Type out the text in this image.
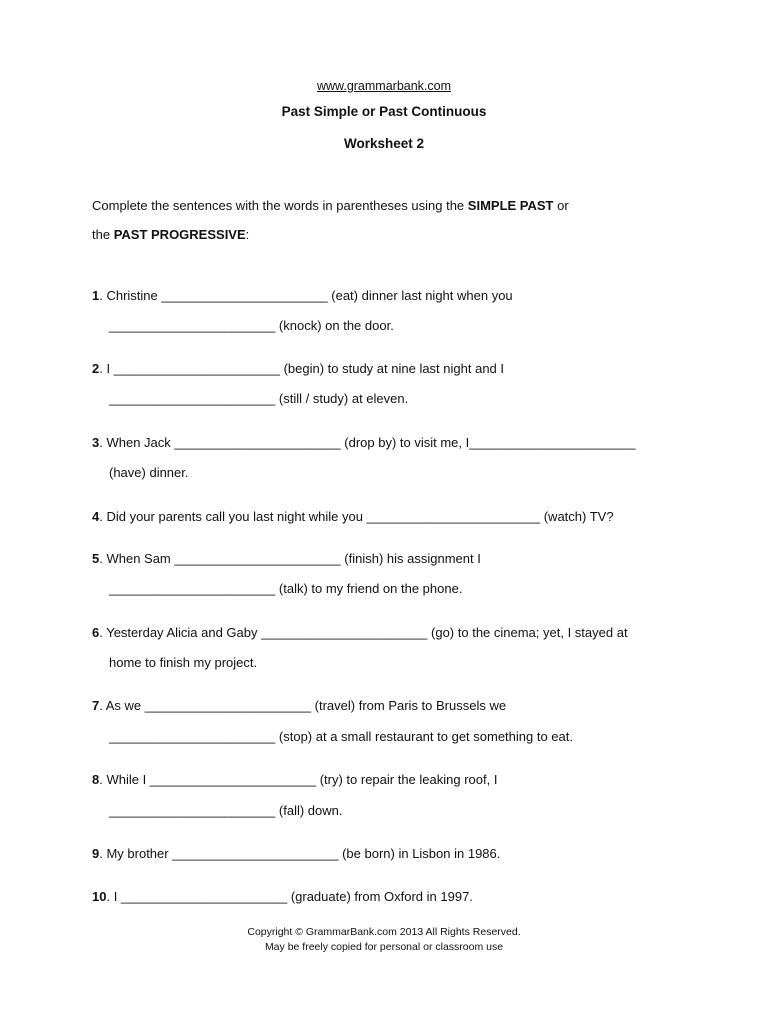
www.grammarbank.com
Past Simple or Past Continuous
Worksheet 2
Complete the sentences with the words in parentheses using the SIMPLE PAST or
the PAST PROGRESSIVE:
1. Christine _______________________ (eat) dinner last night when you
_______________________ (knock) on the door.
2. I _______________________ (begin) to study at nine last night and I
_______________________ (still / study) at eleven.
3. When Jack _______________________ (drop by) to visit me, I_______________________
(have) dinner.
4. Did your parents call you last night while you ________________________ (watch) TV?
5. When Sam _______________________ (finish) his assignment I
_______________________ (talk) to my friend on the phone.
6. Yesterday Alicia and Gaby _______________________ (go) to the cinema; yet, I stayed at
home to finish my project.
7. As we _______________________ (travel) from Paris to Brussels we
_______________________ (stop) at a small restaurant to get something to eat.
8. While I _______________________ (try) to repair the leaking roof, I
_______________________ (fall) down.
9. My brother _______________________ (be born) in Lisbon in 1986.
10. I _______________________ (graduate) from Oxford in 1997.
Copyright © GrammarBank.com 2013 All Rights Reserved.
May be freely copied for personal or classroom use
